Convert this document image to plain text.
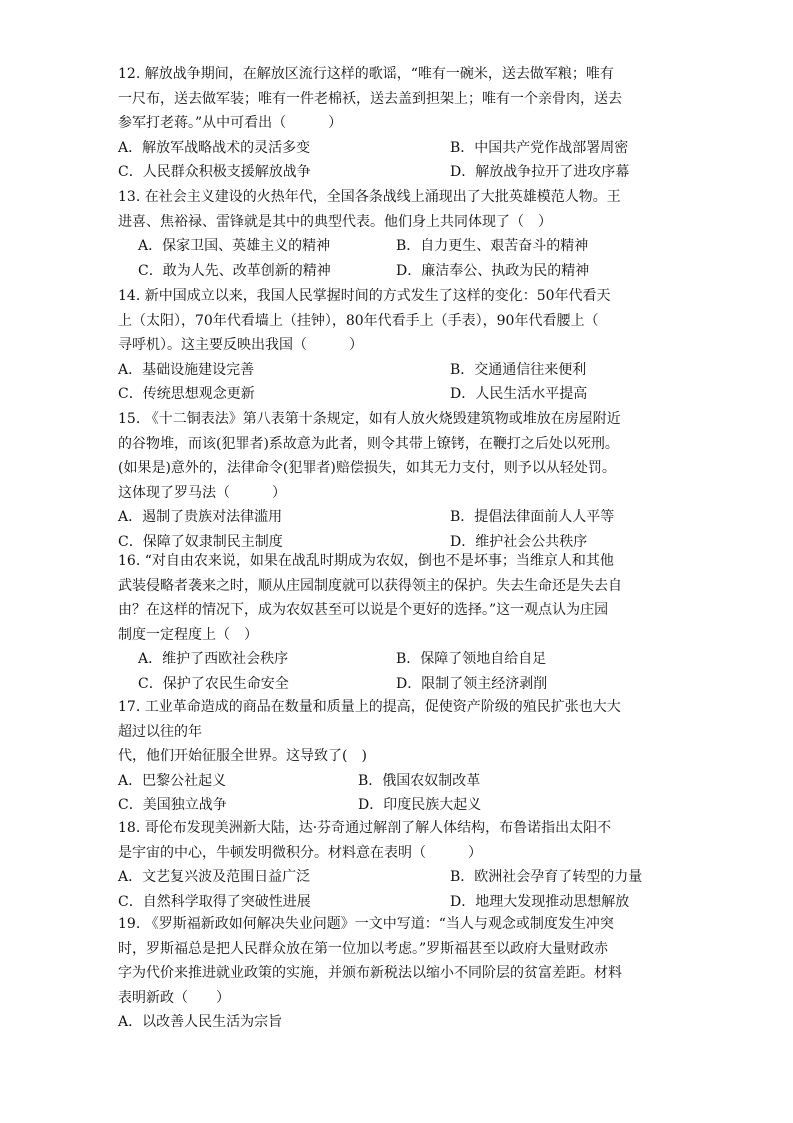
12. 解放战争期间，在解放区流行这样的歌谣，“唯有一碗米，送去做军粮；唯有
一尺布，送去做军装；唯有一件老棉袄，送去盖到担架上；唯有一个亲骨肉，送去
参军打老蒋。”从中可看出（　　　）
A．解放军战略战术的灵活多变	B．中国共产党作战部署周密
C．人民群众积极支援解放战争	D．解放战争拉开了进攻序幕
13. 在社会主义建设的火热年代，全国各条战线上涌现出了大批英雄模范人物。王
进喜、焦裕禄、雷锋就是其中的典型代表。他们身上共同体现了（　）
A．保家卫国、英雄主义的精神	B．自力更生、艰苦奋斗的精神
C．敢为人先、改革创新的精神	D．廉洁奉公、执政为民的精神
14. 新中国成立以来，我国人民掌握时间的方式发生了这样的变化：50年代看天
上（太阳），70年代看墙上（挂钟），80年代看手上（手表），90年代看腰上（
寻呼机）。这主要反映出我国（　　　）
A．基础设施建设完善	B．交通通信往来便利
C．传统思想观念更新	D．人民生活水平提高
15. 《十二铜表法》第八表第十条规定，如有人放火烧毁建筑物或堆放在房屋附近
的谷物堆，而该(犯罪者)系故意为此者，则令其带上镣铐，在鞭打之后处以死刑。
(如果是)意外的，法律命令(犯罪者)赔偿损失，如其无力支付，则予以从轻处罚。
这体现了罗马法（　　　）
A．遏制了贵族对法律滥用	B．提倡法律面前人人平等
C．保障了奴隶制民主制度	D．维护社会公共秩序
16. “对自由农来说，如果在战乱时期成为农奴，倒也不是坏事；当维京人和其他
武装侵略者袭来之时，顺从庄园制度就可以获得领主的保护。失去生命还是失去自
由？在这样的情况下，成为农奴甚至可以说是个更好的选择。”这一观点认为庄园
制度一定程度上（　）
A．维护了西欧社会秩序	B．保障了领地自给自足
C．保护了农民生命安全	D．限制了领主经济剥削
17. 工业革命造成的商品在数量和质量上的提高，促使资产阶级的殖民扩张也大大
超过以往的年
代，他们开始征服全世界。这导致了(　)
A．巴黎公社起义	B．俄国农奴制改革
C．美国独立战争	D．印度民族大起义
18. 哥伦布发现美洲新大陆，达·芬奇通过解剖了解人体结构，布鲁诺指出太阳不
是宇宙的中心，牛顿发明微积分。材料意在表明（　　　）
A．文艺复兴波及范围日益广泛	B．欧洲社会孕育了转型的力量
C．自然科学取得了突破性进展	D．地理大发现推动思想解放
19. 《罗斯福新政如何解决失业问题》一文中写道：“当人与观念或制度发生冲突
时，罗斯福总是把人民群众放在第一位加以考虑。”罗斯福甚至以政府大量财政赤
字为代价来推进就业政策的实施，并颁布新税法以缩小不同阶层的贫富差距。材料
表明新政（　　）
A．以改善人民生活为宗旨
